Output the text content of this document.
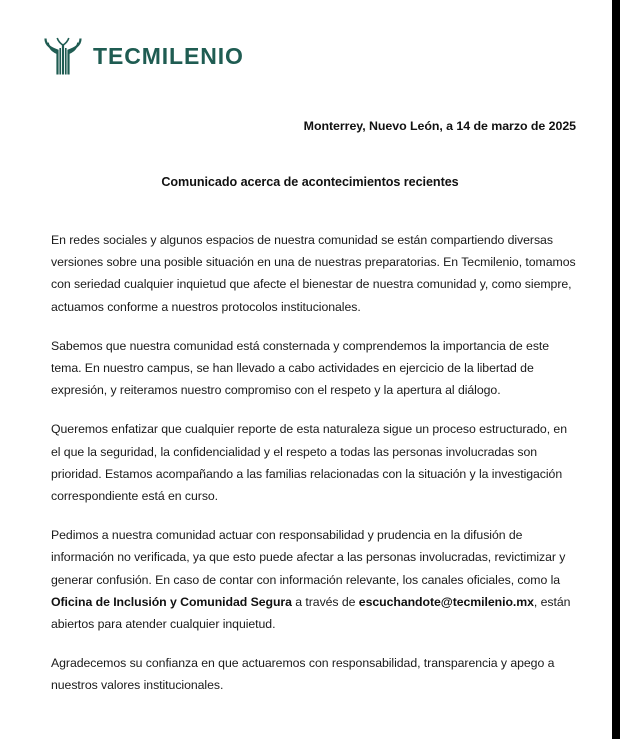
TECMILENIO
Monterrey, Nuevo León, a 14 de marzo de 2025
Comunicado acerca de acontecimientos recientes

En redes sociales y algunos espacios de nuestra comunidad se están compartiendo diversas versiones sobre una posible situación en una de nuestras preparatorias. En Tecmilenio, tomamos con seriedad cualquier inquietud que afecte el bienestar de nuestra comunidad y, como siempre, actuamos conforme a nuestros protocolos institucionales.

Sabemos que nuestra comunidad está consternada y comprendemos la importancia de este tema. En nuestro campus, se han llevado a cabo actividades en ejercicio de la libertad de expresión, y reiteramos nuestro compromiso con el respeto y la apertura al diálogo.

Queremos enfatizar que cualquier reporte de esta naturaleza sigue un proceso estructurado, en el que la seguridad, la confidencialidad y el respeto a todas las personas involucradas son prioridad. Estamos acompañando a las familias relacionadas con la situación y la investigación correspondiente está en curso.

Pedimos a nuestra comunidad actuar con responsabilidad y prudencia en la difusión de información no verificada, ya que esto puede afectar a las personas involucradas, revictimizar y generar confusión. En caso de contar con información relevante, los canales oficiales, como la Oficina de Inclusión y Comunidad Segura a través de escuchandote@tecmilenio.mx, están abiertos para atender cualquier inquietud.

Agradecemos su confianza en que actuaremos con responsabilidad, transparencia y apego a nuestros valores institucionales.
